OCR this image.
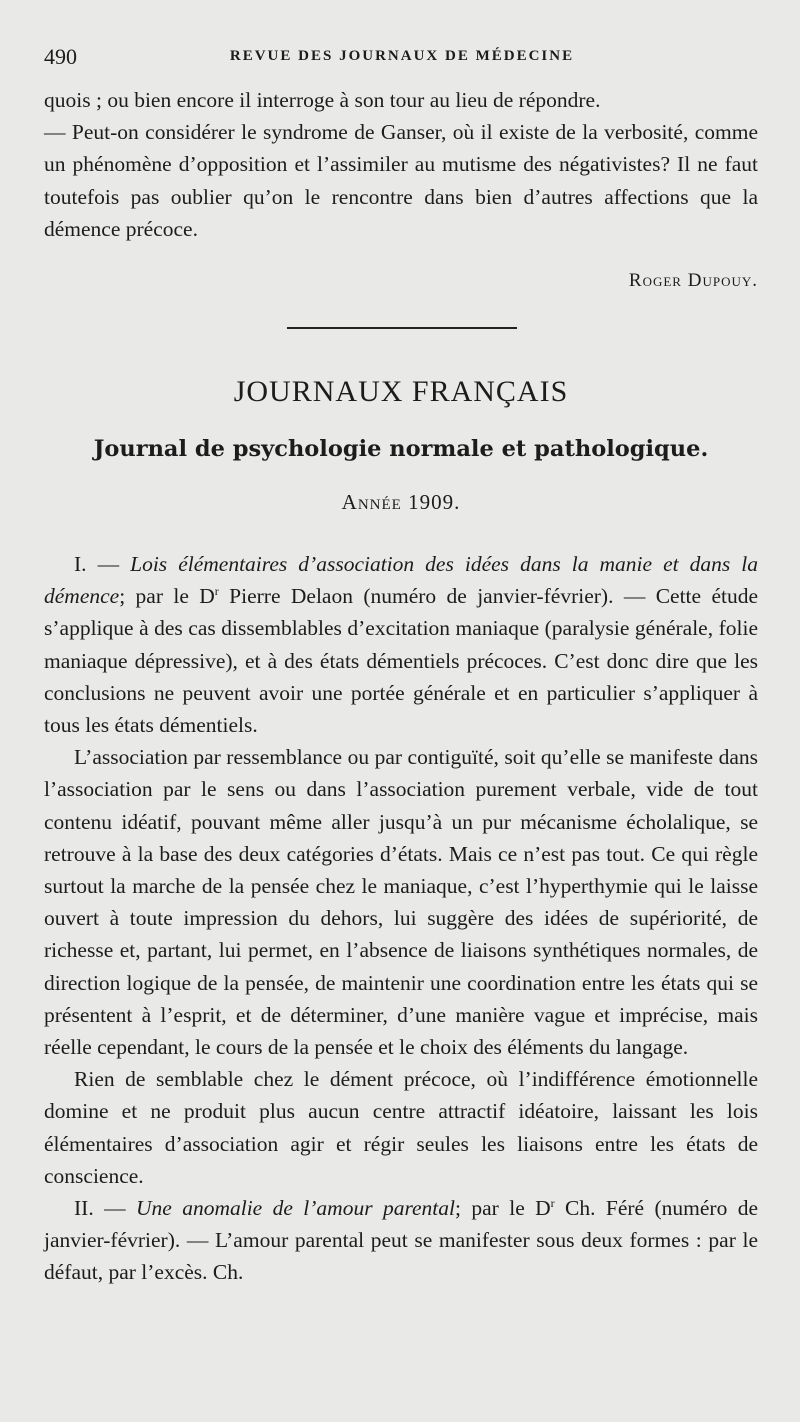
490	REVUE DES JOURNAUX DE MÉDECINE

quois ; ou bien encore il interroge à son tour au lieu de répondre.

— Peut-on considérer le syndrome de Ganser, où il existe de la verbosité, comme un phénomène d’opposition et l’assimiler au mutisme des négativistes? Il ne faut toutefois pas oublier qu’on le rencontre dans bien d’autres affections que la démence précoce.

Roger Dupouy.
JOURNAUX FRANÇAIS
Journal de psychologie normale et pathologique.
Année 1909.

I. — Lois élémentaires d’association des idées dans la manie et dans la démence; par le $D^r$ Pierre Delaon (numéro de janvier-février). — Cette étude s’applique à des cas dissemblables d’excitation maniaque (paralysie générale, folie maniaque dépressive), et à des états démentiels précoces. C’est donc dire que les conclusions ne peuvent avoir une portée générale et en particulier s’appliquer à tous les états démentiels.

L’association par ressemblance ou par contiguïté, soit qu’elle se manifeste dans l’association par le sens ou dans l’association purement verbale, vide de tout contenu idéatif, pouvant même aller jusqu’à un pur mécanisme écholalique, se retrouve à la base des deux catégories d’états. Mais ce n’est pas tout. Ce qui règle surtout la marche de la pensée chez le maniaque, c’est l’hyperthymie qui le laisse ouvert à toute impression du dehors, lui suggère des idées de supériorité, de richesse et, partant, lui permet, en l’absence de liaisons synthétiques normales, de direction logique de la pensée, de maintenir une coordination entre les états qui se présentent à l’esprit, et de déterminer, d’une manière vague et imprécise, mais réelle cependant, le cours de la pensée et le choix des éléments du langage.

Rien de semblable chez le dément précoce, où l’indifférence émotionnelle domine et ne produit plus aucun centre attractif idéatoire, laissant les lois élémentaires d’association agir et régir seules les liaisons entre les états de conscience.

II. — Une anomalie de l’amour parental; par le $D^r$ Ch. Féré (numéro de janvier-février). — L’amour parental peut se manifester sous deux formes : par le défaut, par l’excès. Ch.
